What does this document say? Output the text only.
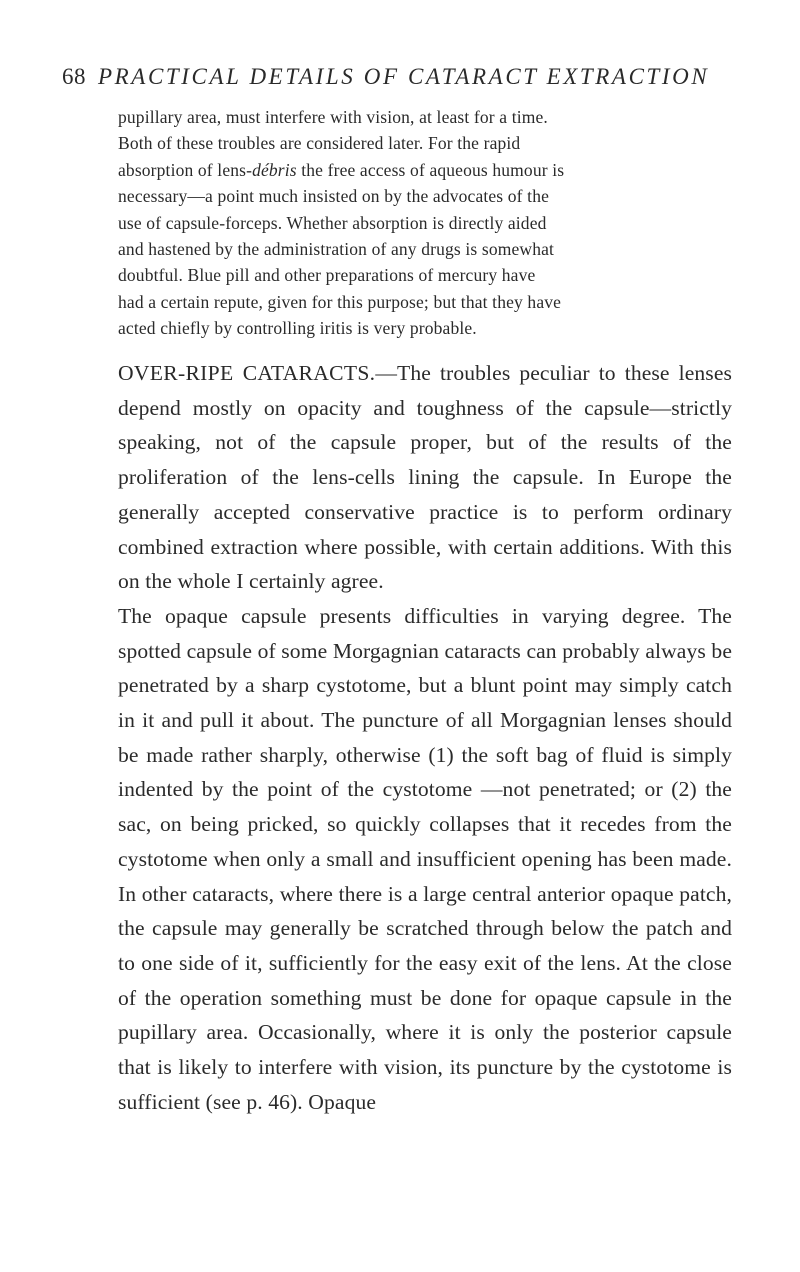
68 PRACTICAL DETAILS OF CATARACT EXTRACTION

pupillary area, must interfere with vision, at least for a time.

Both of these troubles are considered later. For the rapid

absorption of lens-débris the free access of aqueous humour is

necessary—a point much insisted on by the advocates of the

use of capsule-forceps. Whether absorption is directly aided

and hastened by the administration of any drugs is somewhat

doubtful. Blue pill and other preparations of mercury have

had a certain repute, given for this purpose; but that they have

acted chiefly by controlling iritis is very probable.

OVER-RIPE CATARACTS.—The troubles peculiar to these lenses depend mostly on opacity and toughness of the capsule—strictly speaking, not of the capsule proper, but of the results of the proliferation of the lens-cells lining the capsule. In Europe the generally accepted conservative practice is to perform ordinary combined extraction where possible, with certain additions. With this on the whole I certainly agree.

The opaque capsule presents difficulties in varying degree. The spotted capsule of some Morgagnian cataracts can probably always be penetrated by a sharp cystotome, but a blunt point may simply catch in it and pull it about. The puncture of all Morgagnian lenses should be made rather sharply, otherwise (1) the soft bag of fluid is simply indented by the point of the cystotome —not penetrated; or (2) the sac, on being pricked, so quickly collapses that it recedes from the cystotome when only a small and insufficient opening has been made. In other cataracts, where there is a large central anterior opaque patch, the capsule may generally be scratched through below the patch and to one side of it, sufficiently for the easy exit of the lens. At the close of the operation something must be done for opaque capsule in the pupillary area. Occasionally, where it is only the posterior capsule that is likely to interfere with vision, its puncture by the cystotome is sufficient (see p. 46). Opaque
